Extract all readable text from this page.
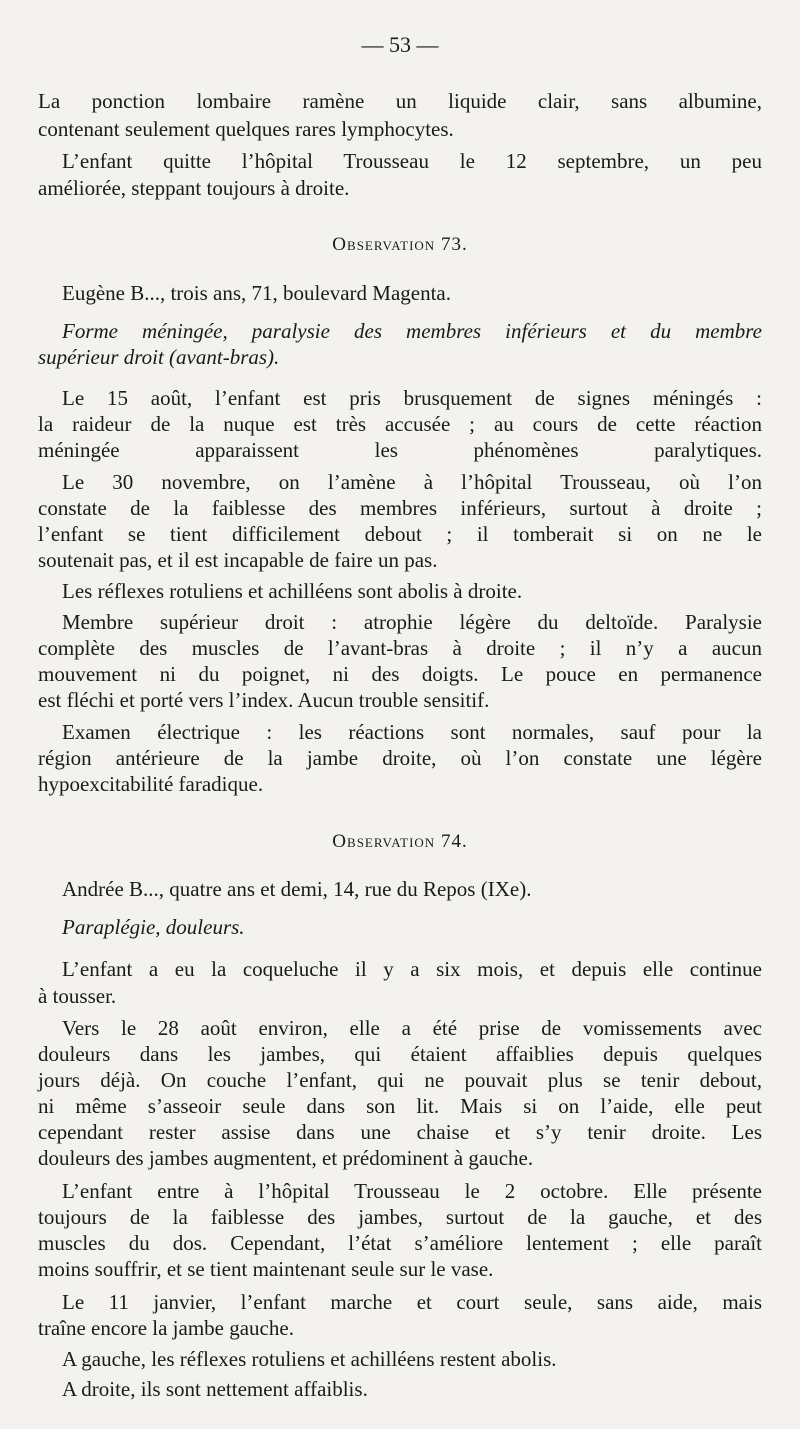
— 53 —
La ponction lombaire ramène un liquide clair, sans albumine,
contenant seulement quelques rares lymphocytes.
L’enfant quitte l’hôpital Trousseau le 12 septembre, un peu
améliorée, steppant toujours à droite.
Observation 73.
Eugène B..., trois ans, 71, boulevard Magenta.
Forme méningée, paralysie des membres inférieurs et du membre
supérieur droit (avant-bras).
Le 15 août, l’enfant est pris brusquement de signes méningés :
la raideur de la nuque est très accusée ; au cours de cette réaction
méningée apparaissent les phénomènes paralytiques.
Le 30 novembre, on l’amène à l’hôpital Trousseau, où l’on
constate de la faiblesse des membres inférieurs, surtout à droite ;
l’enfant se tient difficilement debout ; il tomberait si on ne le
soutenait pas, et il est incapable de faire un pas.
Les réflexes rotuliens et achilléens sont abolis à droite.
Membre supérieur droit : atrophie légère du deltoïde. Paralysie
complète des muscles de l’avant-bras à droite ; il n’y a aucun
mouvement ni du poignet, ni des doigts. Le pouce en permanence
est fléchi et porté vers l’index. Aucun trouble sensitif.
Examen électrique : les réactions sont normales, sauf pour la
région antérieure de la jambe droite, où l’on constate une légère
hypoexcitabilité faradique.
Observation 74.
Andrée B..., quatre ans et demi, 14, rue du Repos (IXe).
Paraplégie, douleurs.
L’enfant a eu la coqueluche il y a six mois, et depuis elle continue
à tousser.
Vers le 28 août environ, elle a été prise de vomissements avec
douleurs dans les jambes, qui étaient affaiblies depuis quelques
jours déjà. On couche l’enfant, qui ne pouvait plus se tenir debout,
ni même s’asseoir seule dans son lit. Mais si on l’aide, elle peut
cependant rester assise dans une chaise et s’y tenir droite. Les
douleurs des jambes augmentent, et prédominent à gauche.
L’enfant entre à l’hôpital Trousseau le 2 octobre. Elle présente
toujours de la faiblesse des jambes, surtout de la gauche, et des
muscles du dos. Cependant, l’état s’améliore lentement ; elle paraît
moins souffrir, et se tient maintenant seule sur le vase.
Le 11 janvier, l’enfant marche et court seule, sans aide, mais
traîne encore la jambe gauche.
A gauche, les réflexes rotuliens et achilléens restent abolis.
A droite, ils sont nettement affaiblis.
